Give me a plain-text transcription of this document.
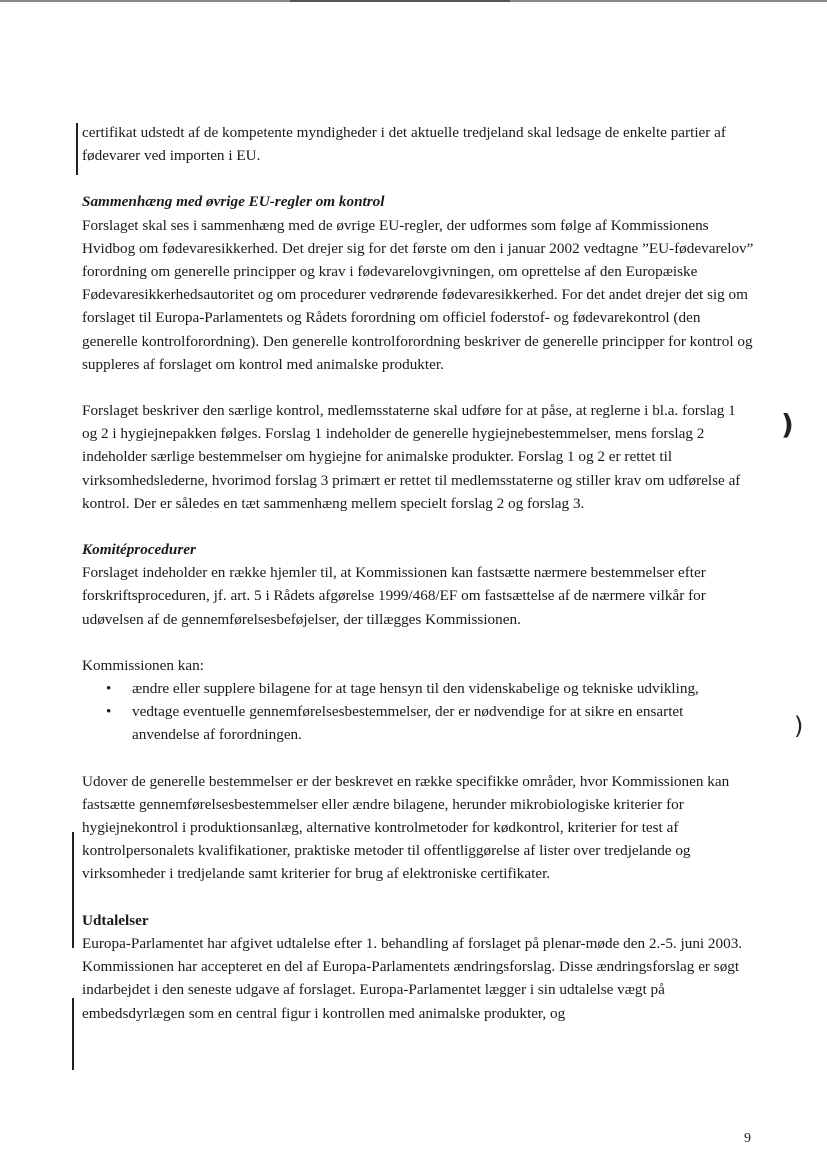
)
)

certifikat udstedt af de kompetente myndigheder i det aktuelle tredjeland skal ledsage de enkelte partier af fødevarer ved importen i EU.

Sammenhæng med øvrige EU-regler om kontrol

Forslaget skal ses i sammenhæng med de øvrige EU-regler, der udformes som følge af Kommissionens Hvidbog om fødevaresikkerhed. Det drejer sig for det første om den i januar 2002 vedtagne ”EU-fødevarelov” forordning om generelle principper og krav i fødevarelovgivningen, om oprettelse af den Europæiske Fødevaresikkerhedsautoritet og om procedurer vedrørende fødevaresikkerhed. For det andet drejer det sig om forslaget til Europa-Parlamentets og Rådets forordning om officiel foderstof- og fødevarekontrol (den generelle kontrolforordning). Den generelle kontrolforordning beskriver de generelle principper for kontrol og suppleres af forslaget om kontrol med animalske produkter.

Forslaget beskriver den særlige kontrol, medlemsstaterne skal udføre for at påse, at reglerne i bl.a. forslag 1 og 2 i hygiejnepakken følges. Forslag 1 indeholder de generelle hygiejnebestemmelser, mens forslag 2 indeholder særlige bestemmelser om hygiejne for animalske produkter. Forslag 1 og 2 er rettet til virksomhedslederne, hvorimod forslag 3 primært er rettet til medlemsstaterne og stiller krav om udførelse af kontrol. Der er således en tæt sammenhæng mellem specielt forslag 2 og forslag 3.

Komitéprocedurer

Forslaget indeholder en række hjemler til, at Kommissionen kan fastsætte nærmere bestemmelser efter forskriftsproceduren, jf. art. 5 i Rådets afgørelse 1999/468/EF om fastsættelse af de nærmere vilkår for udøvelsen af de gennemførelsesbeføjelser, der tillægges Kommissionen.

Kommissionen kan:

• ændre eller supplere bilagene for at tage hensyn til den videnskabelige og tekniske udvikling,
• vedtage eventuelle gennemførelsesbestemmelser, der er nødvendige for at sikre en ensartet anvendelse af forordningen.

Udover de generelle bestemmelser er der beskrevet en række specifikke områder, hvor Kommissionen kan fastsætte gennemførelsesbestemmelser eller ændre bilagene, herunder mikrobiologiske kriterier for hygiejnekontrol i produktionsanlæg, alternative kontrolmetoder for kødkontrol, kriterier for test af kontrolpersonalets kvalifikationer, praktiske metoder til offentliggørelse af lister over tredjelande og virksomheder i tredjelande samt kriterier for brug af elektroniske certifikater.

Udtalelser

Europa-Parlamentet har afgivet udtalelse efter 1. behandling af forslaget på plenar-møde den 2.-5. juni 2003. Kommissionen har accepteret en del af Europa-Parlamentets ændringsforslag. Disse ændringsforslag er søgt indarbejdet i den seneste udgave af forslaget. Europa-Parlamentet lægger i sin udtalelse vægt på embedsdyrlægen som en central figur i kontrollen med animalske produkter, og

9
